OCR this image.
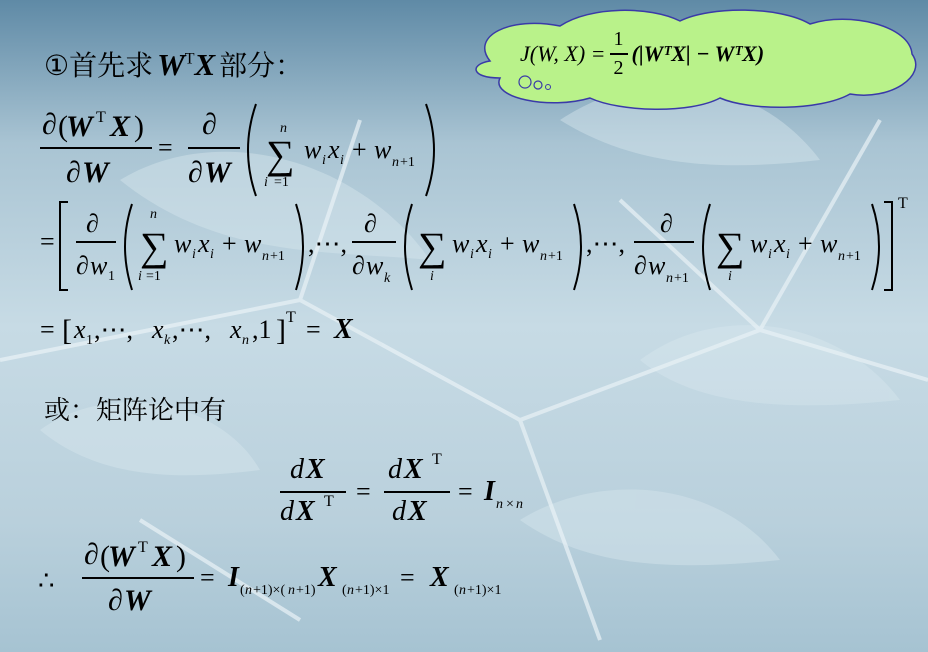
① 首先求 $W^TX$ 部分：	J(W, $X) = \frac{1}{2}$ (|WᵀX| − WᵀX)
∂ (
W T X )
∂ W
=
∂
∂ W ∑
n
i =1
w i x i + w n +1
=
∂
∂ w 1
∑
n
i =1
w i x i + w n +1 ,⋯,
∂
∂ w k
∑
i
w i x i + w n +1 ,⋯,
∂
∂ w n +1
∑
i
w i x i + w n +1
T
= [ x 1 ,⋯, x k ,⋯, x n ,1 ] T = X
d X
d X T =
d X T
d X
= I n × n
或：矩阵论中有
∴
∂ (
W T X )
∂ W
= I ( n +1)×( n +1) X ( n +1)×1 = X ( n +1)×1
